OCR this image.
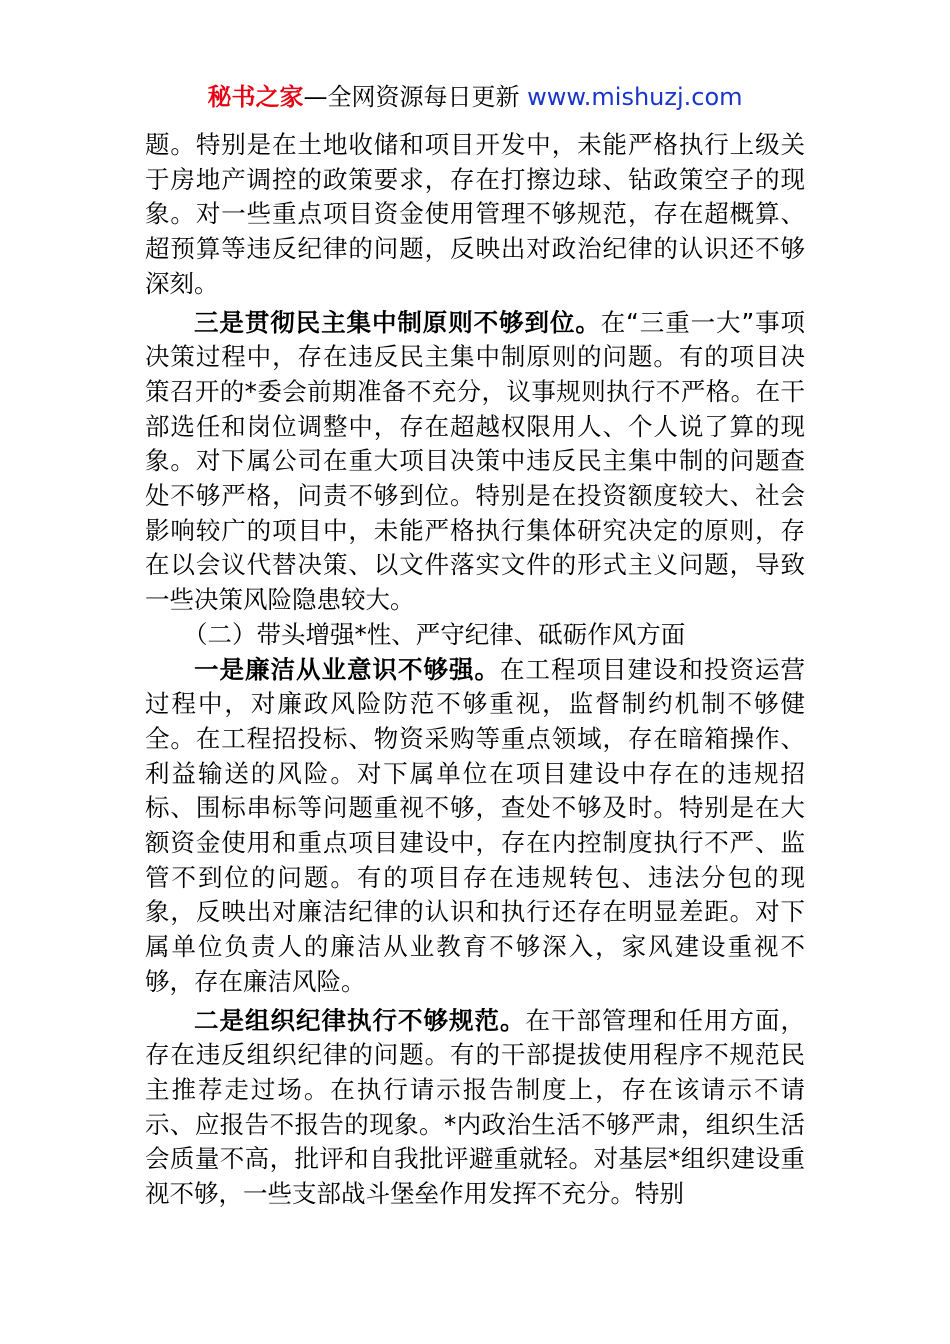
秘书之家—全网资源每日更新 www.mishuzj.com

题。特别是在土地收储和项目开发中，未能严格执行上级关于房地产调控的政策要求，存在打擦边球、钻政策空子的现象。对一些重点项目资金使用管理不够规范，存在超概算、超预算等违反纪律的问题，反映出对政治纪律的认识还不够深刻。

三是贯彻民主集中制原则不够到位。在“三重一大”事项决策过程中，存在违反民主集中制原则的问题。有的项目决策召开的*委会前期准备不充分，议事规则执行不严格。在干部选任和岗位调整中，存在超越权限用人、个人说了算的现象。对下属公司在重大项目决策中违反民主集中制的问题查处不够严格，问责不够到位。特别是在投资额度较大、社会影响较广的项目中，未能严格执行集体研究决定的原则，存在以会议代替决策、以文件落实文件的形式主义问题，导致一些决策风险隐患较大。

（二）带头增强*性、严守纪律、砥砺作风方面

一是廉洁从业意识不够强。在工程项目建设和投资运营过程中，对廉政风险防范不够重视，监督制约机制不够健全。在工程招投标、物资采购等重点领域，存在暗箱操作、利益输送的风险。对下属单位在项目建设中存在的违规招标、围标串标等问题重视不够，查处不够及时。特别是在大额资金使用和重点项目建设中，存在内控制度执行不严、监管不到位的问题。有的项目存在违规转包、违法分包的现象，反映出对廉洁纪律的认识和执行还存在明显差距。对下属单位负责人的廉洁从业教育不够深入，家风建设重视不够，存在廉洁风险。

二是组织纪律执行不够规范。在干部管理和任用方面，存在违反组织纪律的问题。有的干部提拔使用程序不规范民主推荐走过场。在执行请示报告制度上，存在该请示不请示、应报告不报告的现象。*内政治生活不够严肃，组织生活会质量不高，批评和自我批评避重就轻。对基层*组织建设重视不够，一些支部战斗堡垒作用发挥不充分。特别
